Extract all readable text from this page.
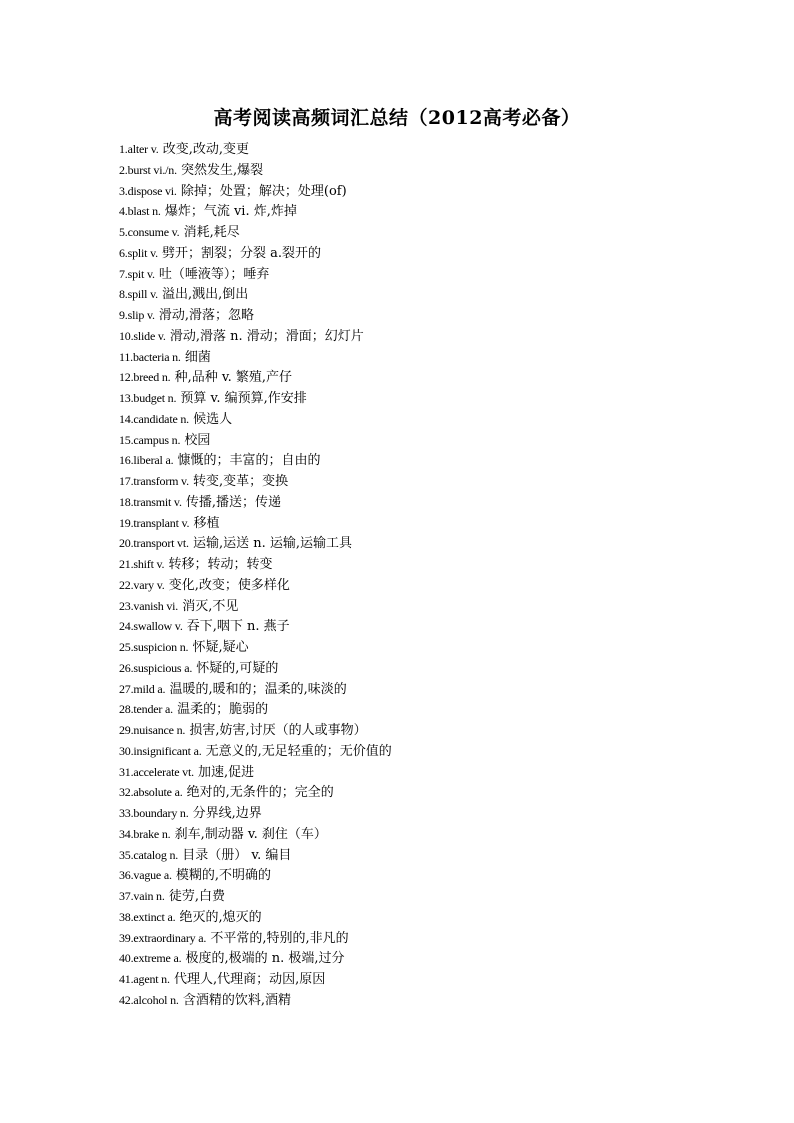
高考阅读高频词汇总结（2012高考必备）
1.alter v. 改变,改动,变更
2.burst vi./n. 突然发生,爆裂
3.dispose vi. 除掉；处置；解决；处理(of)
4.blast n. 爆炸；气流 vi. 炸,炸掉
5.consume v. 消耗,耗尽
6.split v. 劈开；割裂；分裂 a.裂开的
7.spit v. 吐（唾液等）；唾弃
8.spill v. 溢出,溅出,倒出
9.slip v. 滑动,滑落；忽略
10.slide v. 滑动,滑落 n. 滑动；滑面；幻灯片
11.bacteria n. 细菌
12.breed n. 种,品种 v. 繁殖,产仔
13.budget n. 预算 v. 编预算,作安排
14.candidate n. 候选人
15.campus n. 校园
16.liberal a. 慷慨的；丰富的；自由的
17.transform v. 转变,变革；变换
18.transmit v. 传播,播送；传递
19.transplant v. 移植
20.transport vt. 运输,运送 n. 运输,运输工具
21.shift v. 转移；转动；转变
22.vary v. 变化,改变；使多样化
23.vanish vi. 消灭,不见
24.swallow v. 吞下,咽下 n. 燕子
25.suspicion n. 怀疑,疑心
26.suspicious a. 怀疑的,可疑的
27.mild a. 温暖的,暖和的；温柔的,味淡的
28.tender a. 温柔的；脆弱的
29.nuisance n. 损害,妨害,讨厌（的人或事物）
30.insignificant a. 无意义的,无足轻重的；无价值的
31.accelerate vt. 加速,促进
32.absolute a. 绝对的,无条件的；完全的
33.boundary n. 分界线,边界
34.brake n. 刹车,制动器 v. 刹住（车）
35.catalog n. 目录（册） v. 编目
36.vague a. 模糊的,不明确的
37.vain n. 徒劳,白费
38.extinct a. 绝灭的,熄灭的
39.extraordinary a. 不平常的,特别的,非凡的
40.extreme a. 极度的,极端的 n. 极端,过分
41.agent n. 代理人,代理商；动因,原因
42.alcohol n. 含酒精的饮料,酒精
